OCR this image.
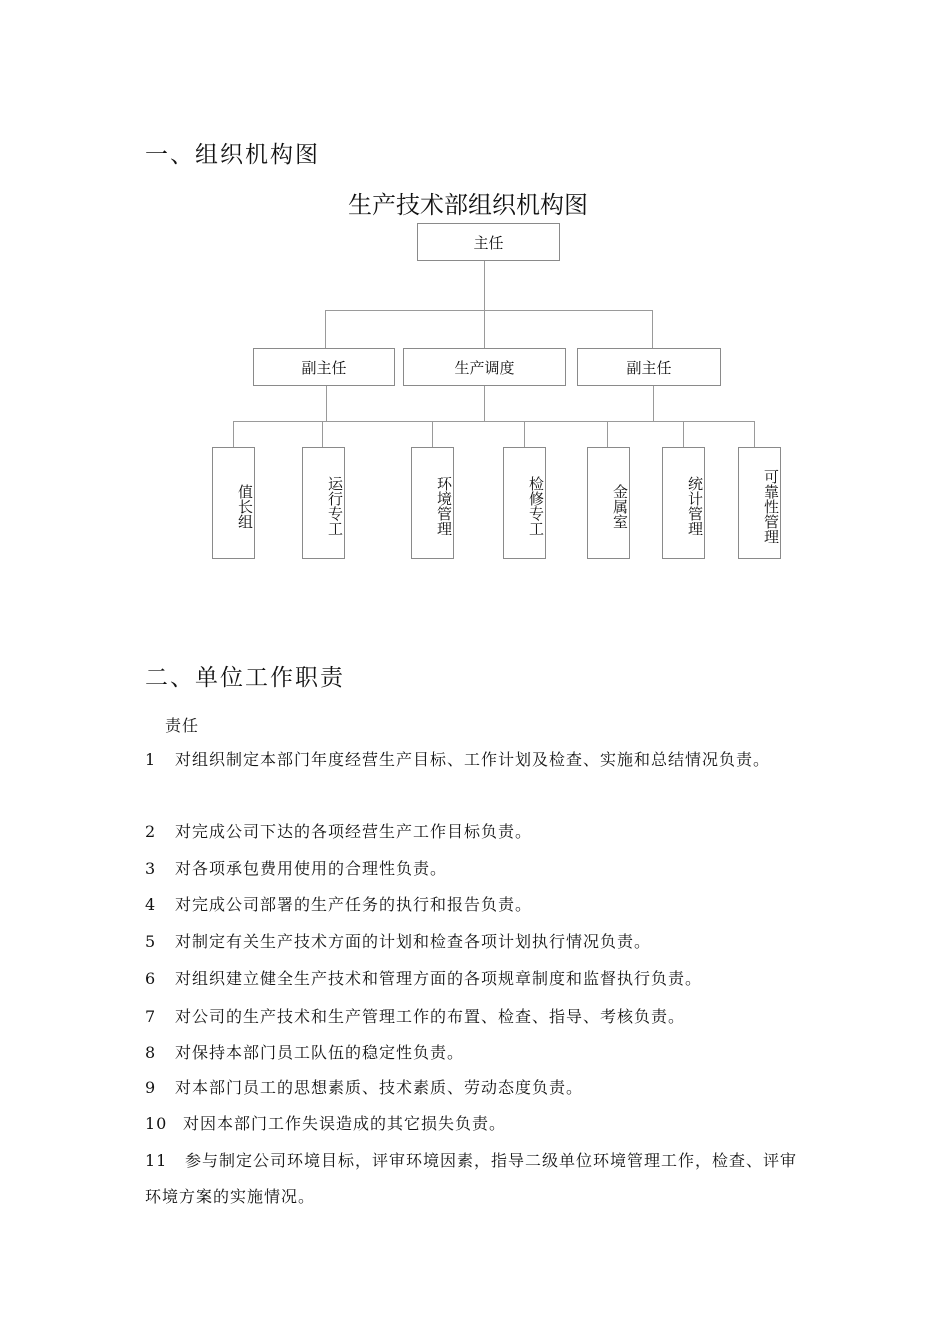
一、组织机构图
生产技术部组织机构图
主任
副主任	生产调度	副主任
值长组	运行专工	环境管理	检修专工	金属室	统计管理	可靠性管理
二、单位工作职责
责任
1 对组织制定本部门年度经营生产目标、工作计划及检查、实施和总结情况负责。
2 对完成公司下达的各项经营生产工作目标负责。
3 对各项承包费用使用的合理性负责。
4 对完成公司部署的生产任务的执行和报告负责。
5 对制定有关生产技术方面的计划和检查各项计划执行情况负责。
6 对组织建立健全生产技术和管理方面的各项规章制度和监督执行负责。
7 对公司的生产技术和生产管理工作的布置、检查、指导、考核负责。
8 对保持本部门员工队伍的稳定性负责。
9 对本部门员工的思想素质、技术素质、劳动态度负责。
10 对因本部门工作失误造成的其它损失负责。
11 参与制定公司环境目标，评审环境因素，指导二级单位环境管理工作，检查、评审环境方案的实施情况。
